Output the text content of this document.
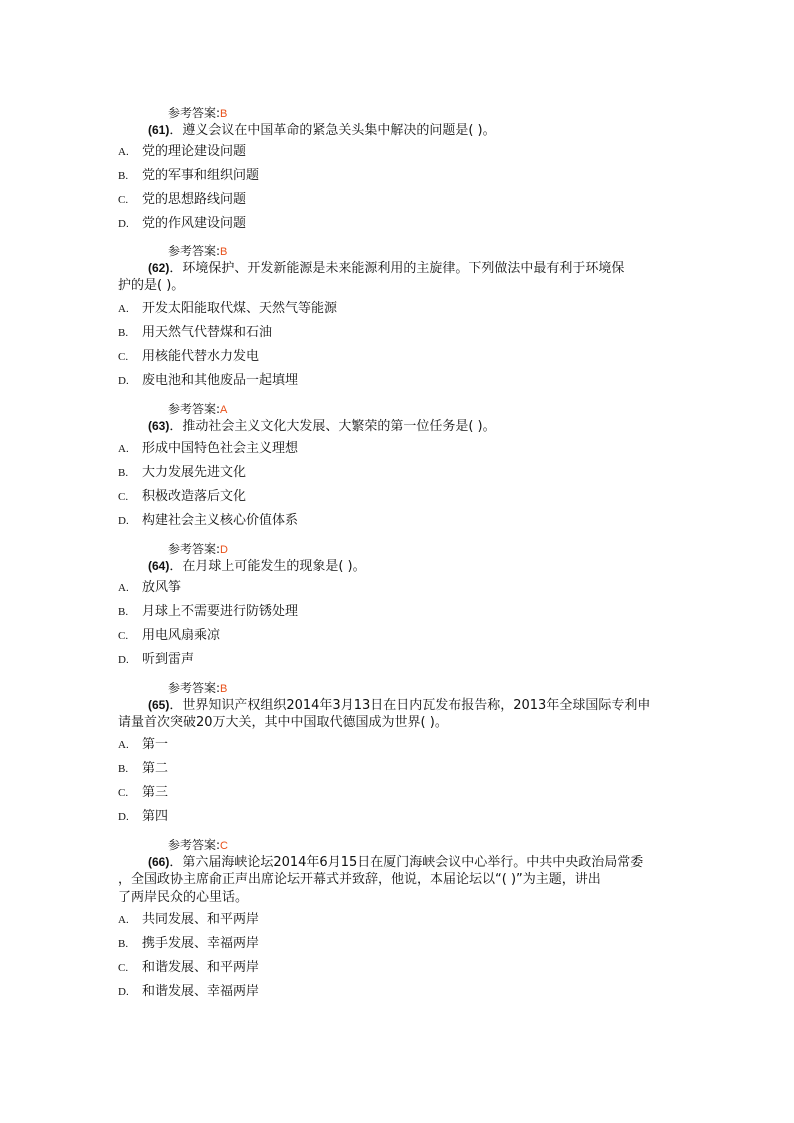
参考答案:B
(61)．遵义会议在中国革命的紧急关头集中解决的问题是( )。
A. 党的理论建设问题
B. 党的军事和组织问题
C. 党的思想路线问题
D. 党的作风建设问题
参考答案:B
(62)．环境保护、开发新能源是未来能源利用的主旋律。下列做法中最有利于环境保
护的是( )。
A. 开发太阳能取代煤、天然气等能源
B. 用天然气代替煤和石油
C. 用核能代替水力发电
D. 废电池和其他废品一起填埋
参考答案:A
(63)．推动社会主义文化大发展、大繁荣的第一位任务是( )。
A. 形成中国特色社会主义理想
B. 大力发展先进文化
C. 积极改造落后文化
D. 构建社会主义核心价值体系
参考答案:D
(64)．在月球上可能发生的现象是( )。
A. 放风筝
B. 月球上不需要进行防锈处理
C. 用电风扇乘凉
D. 听到雷声
参考答案:B
(65)．世界知识产权组织2014年3月13日在日内瓦发布报告称，2013年全球国际专利申
请量首次突破20万大关，其中中国取代德国成为世界( )。
A. 第一
B. 第二
C. 第三
D. 第四
参考答案:C
(66)．第六届海峡论坛2014年6月15日在厦门海峡会议中心举行。中共中央政治局常委
，全国政协主席俞正声出席论坛开幕式并致辞，他说，本届论坛以“( )”为主题，讲出
了两岸民众的心里话。
A. 共同发展、和平两岸
B. 携手发展、幸福两岸
C. 和谐发展、和平两岸
D. 和谐发展、幸福两岸
